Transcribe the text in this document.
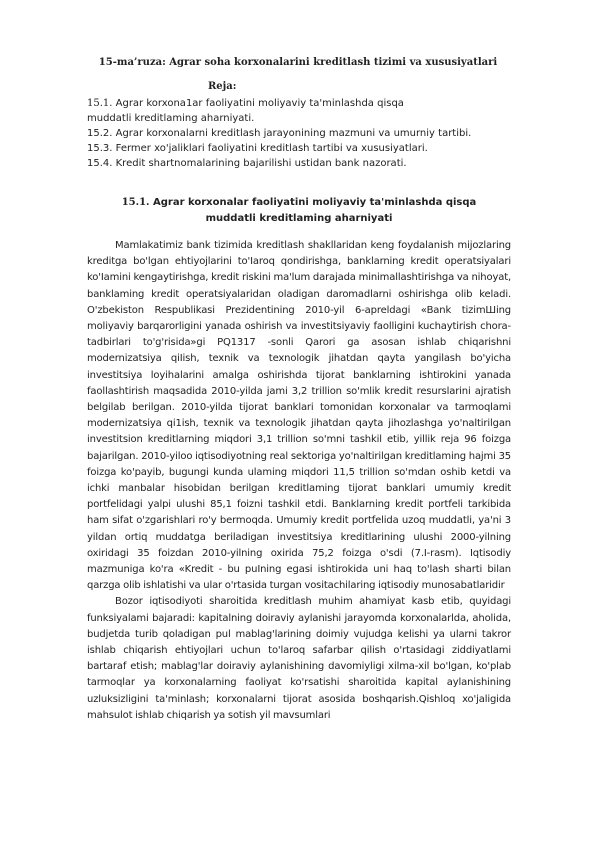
15-ma’ruza: Agrar soha korxonalarini kreditlash tizimi va xususiyatlari
Reja:
15.1. Agrar korxona1ar faoliyatini moliyaviy ta'minlashda qisqa
muddatli kreditlaming aharniyati.
15.2. Agrar korxonalarni kreditlash jarayonining mazmuni va umurniy tartibi.
15.3. Fermer xo'jaliklari faoliyatini kreditlash tartibi va xususiyatlari.
15.4. Kredit shartnomalarining bajarilishi ustidan bank nazorati.
15.1. Agrar korxonalar faoliyatini moliyaviy ta'minlashda qisqa
muddatli kreditlaming aharniyati

Mamlakatimiz bank tizimida kreditlash shakllaridan keng foydalanish mijozlaring kreditga bo'lgan ehtiyojlarini to'Iaroq qondirishga, banklarning kredit operatsiyalari ko'Iamini kengaytirishga, kredit riskini ma'lum darajada minimallashtirishga va nihoyat, banklaming kredit operatsiyalaridan oladigan daromadlarni oshirishga olib keladi. O'zbekiston Respublikasi Prezidentining 2010-yil 6-apreldagi «Bank tizimШing moliyaviy barqarorligini yanada oshirish va investitsiyaviy faolligini kuchaytirish chora-tadbirlari to'g'risida»gi PQ1317 -sonli Qarori ga asosan ishlab chiqarishni modernizatsiya qiIish, texnik va texnologik jihatdan qayta yangilash bo'yicha investitsiya loyihalarini amalga oshirishda tijorat banklarning ishtirokini yanada faollashtirish maqsadida 2010-yilda jami 3,2 trillion so'mlik kredit resurslarini ajratish belgilab berilgan. 2010-yilda tijorat banklari tomonidan korxonalar va tarmoqlami modernizatsiya qi1ish, texnik va texnologik jihatdan qayta jihozlashga yo'naltirilgan investitsion kreditlarning miqdori 3,1 trillion so'mni tashkil etib, yillik reja 96 foizga bajarilgan. 2010-yiloo iqtisodiyotning real sektoriga yo'naltirilgan kreditlaming hajmi 35 foizga ko'payib, bugungi kunda ulaming miqdori 11,5 trillion so'mdan oshib ketdi va ichki manbalar hisobidan berilgan kreditlaming tijorat banklari umumiy kredit portfelidagi yalpi ulushi 85,1 foizni tashkil etdi. Banklarning kredit portfeli tarkibida ham sifat o'zgarishlari ro'y bermoqda. Umumiy kredit portfelida uzoq muddatli, ya'ni 3 yildan ortiq muddatga beriladigan investitsiya kreditlarining ulushi 2000-yilning oxiridagi 35 foizdan 2010-yilning oxirida 75,2 foizga o'sdi (7.I-rasm). Iqtisodiy mazmuniga ko'ra «Kredit - bu puIning egasi ishtirokida uni haq to'lash sharti bilan qarzga olib ishlatishi va ular o'rtasida turgan vositachilaring iqtisodiy munosabatlaridir

Bozor iqtisodiyoti sharoitida kreditlash muhim ahamiyat kasb etib, quyidagi funksiyalami bajaradi: kapitalning doiraviy aylanishi jarayomda korxonalarlda, aholida, budjetda turib qoladigan pul mablag'larining doimiy vujudga kelishi ya ularni takror ishlab chiqarish ehtiyojlari uchun to'laroq safarbar qilish o'rtasidagi ziddiyatlami bartaraf etish; mablag'lar doiraviy aylanishining davomiyligi xilma-xil bo'lgan, ko'plab tarmoqlar ya korxonalarning faoliyat ko'rsatishi sharoitida kapital aylanishining uzluksizligini ta'minlash; korxonalarni tijorat asosida boshqarish.Qishloq xo'jaligida mahsulot ishlab chiqarish ya sotish yil mavsumlari
